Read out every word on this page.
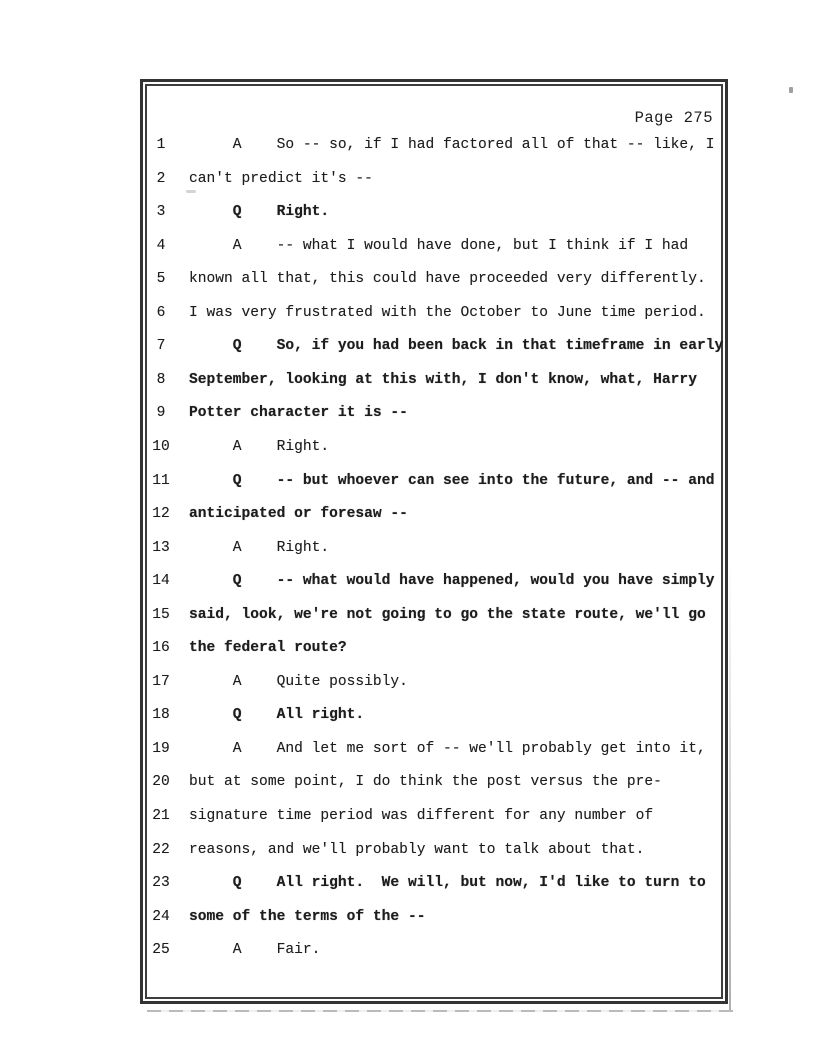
Page 275
1	A    So -- so, if I had factored all of that -- like, I
2	can't predict it's --
3	Q    Right.
4	A    -- what I would have done, but I think if I had
5	known all that, this could have proceeded very differently.
6	I was very frustrated with the October to June time period.
7	Q    So, if you had been back in that timeframe in early
8	September, looking at this with, I don't know, what, Harry
9	Potter character it is --
10 A    Right.
11 Q    -- but whoever can see into the future, and -- and
12 anticipated or foresaw --
13 A    Right.
14 Q    -- what would have happened, would you have simply
15 said, look, we're not going to go the state route, we'll go
16 the federal route?
17 A    Quite possibly.
18 Q    All right.
19 A    And let me sort of -- we'll probably get into it,
20 but at some point, I do think the post versus the pre-
21 signature time period was different for any number of
22 reasons, and we'll probably want to talk about that.
23 Q    All right.  We will, but now, I'd like to turn to
24 some of the terms of the --
25 A    Fair.
